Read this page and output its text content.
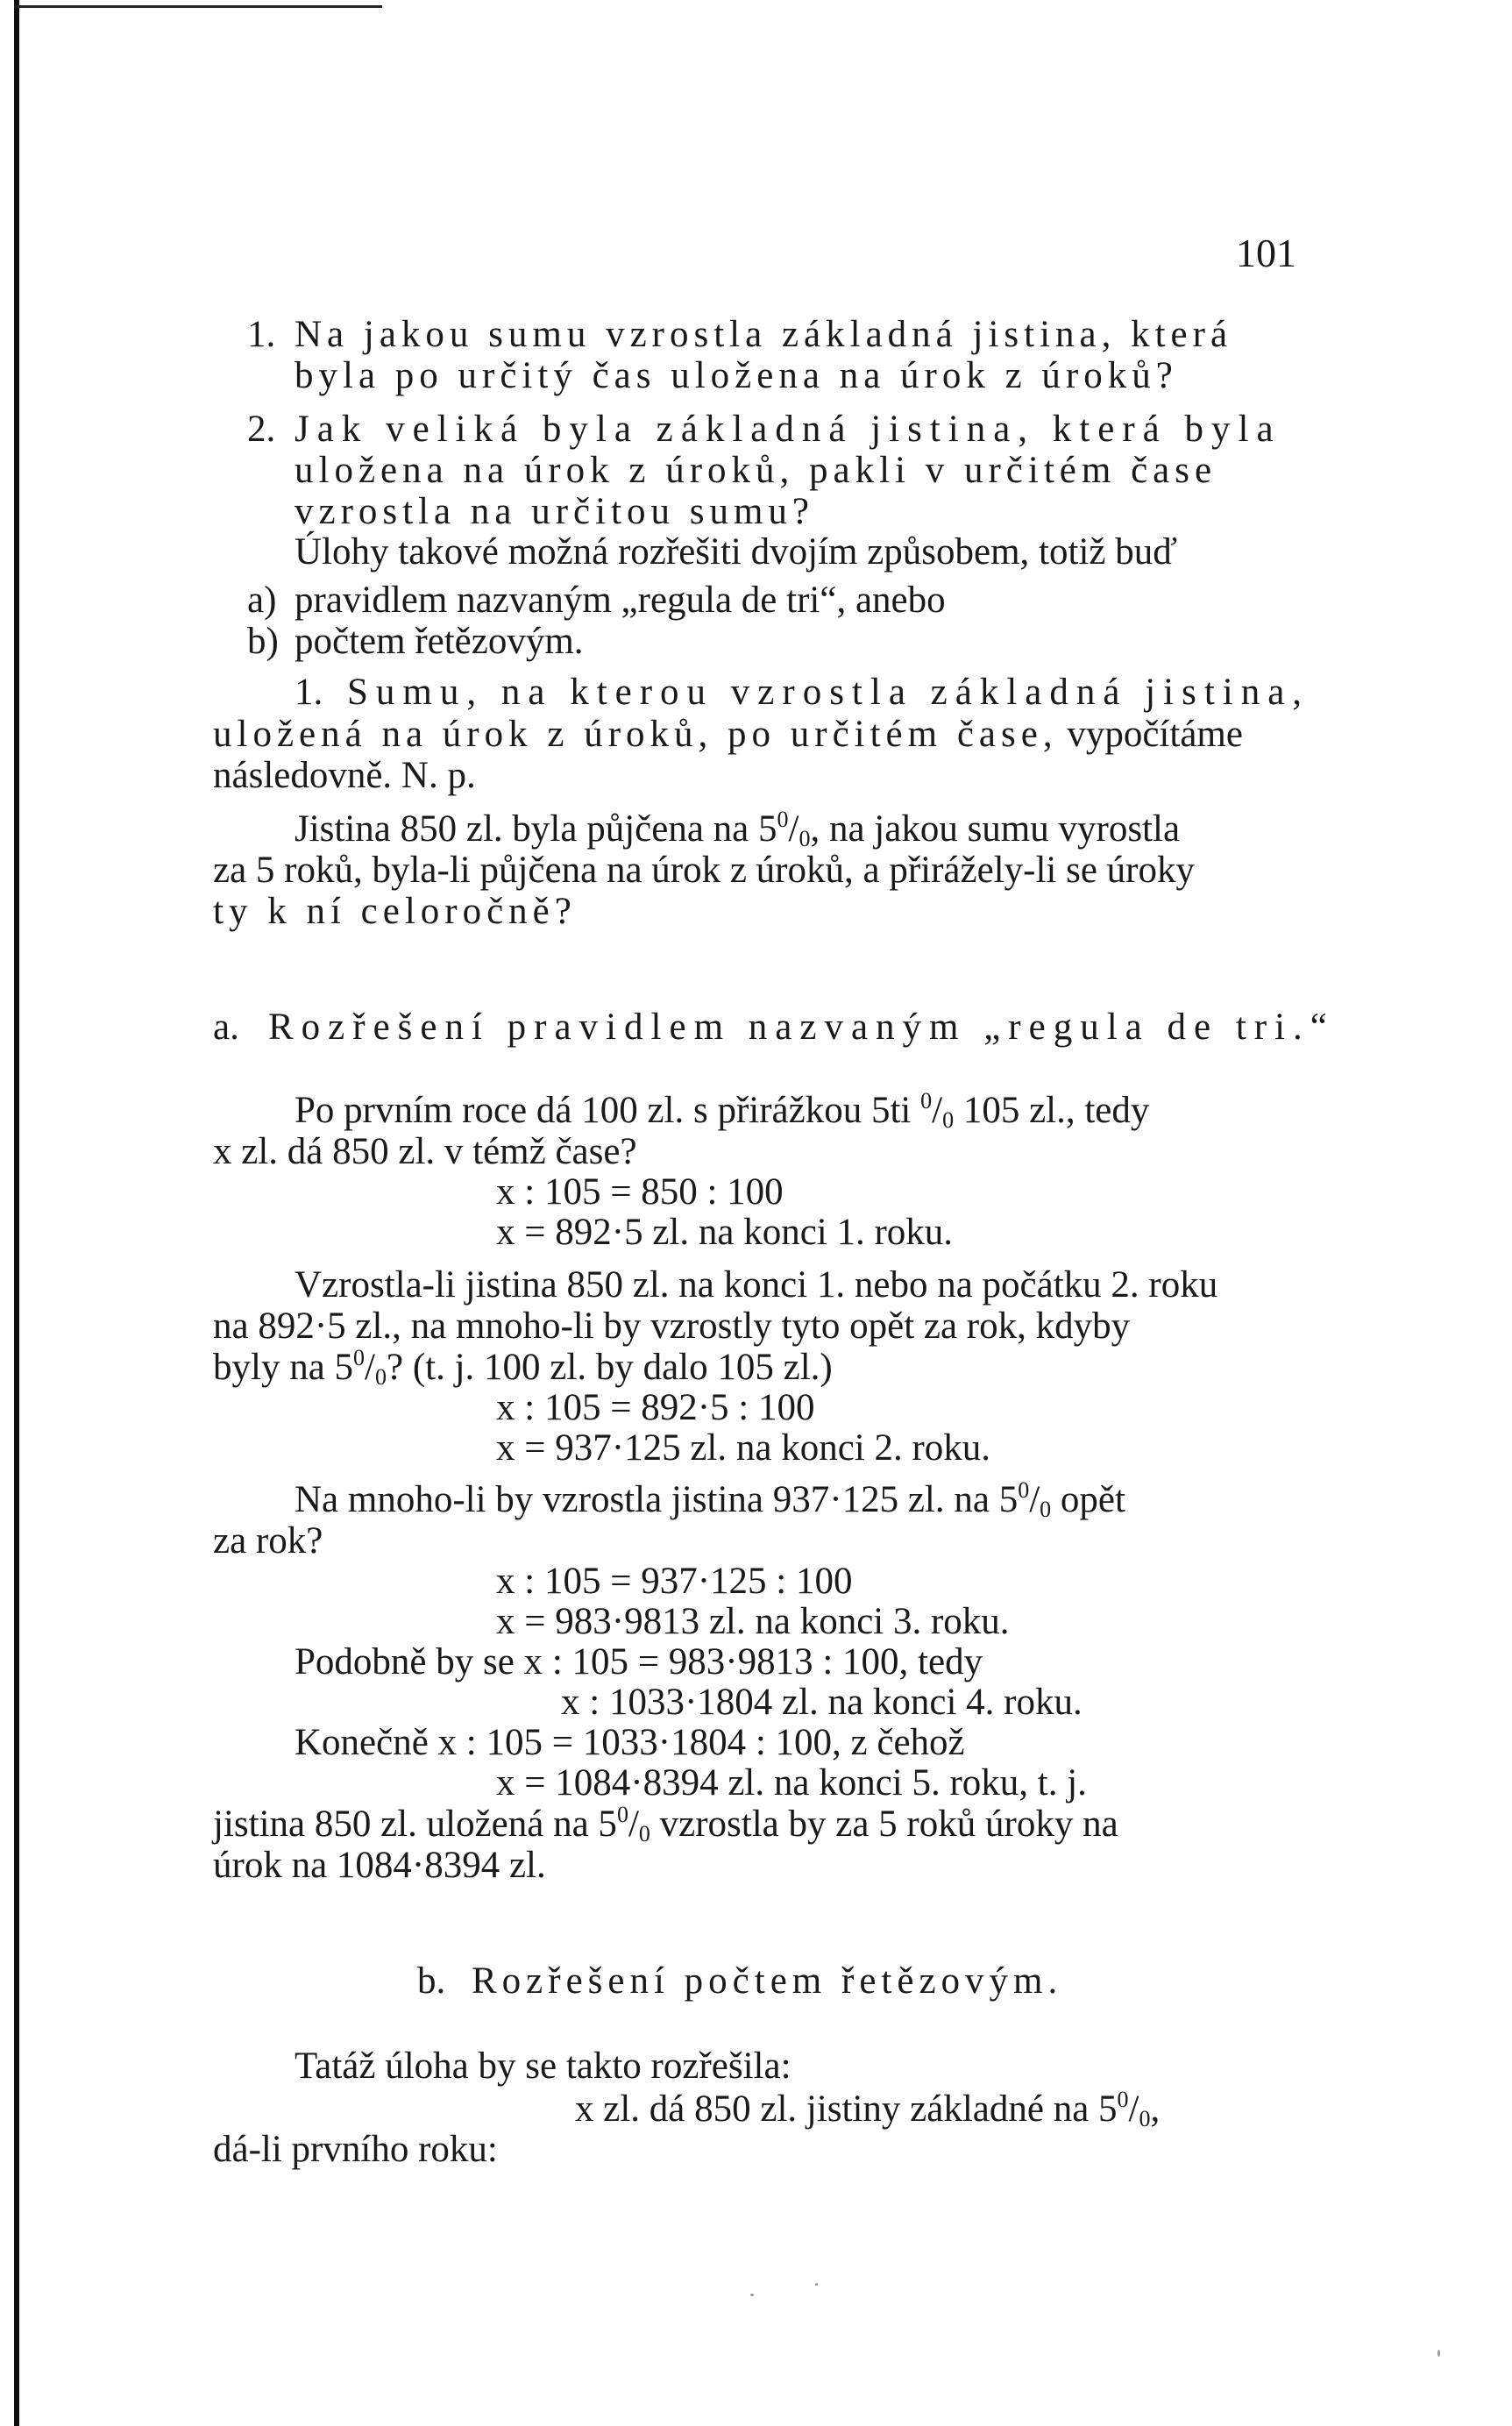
101
1. Na jakou sumu vzrostla základná jistina, která
byla po určitý čas uložena na úrok z úroků?
2. Jak veliká byla základná jistina, která byla
uložena na úrok z úroků, pakli v určitém čase
vzrostla na určitou sumu?
Úlohy takové možná rozřešiti dvojím způsobem, totiž buď
a) pravidlem nazvaným „regula de tri“, anebo
b) počtem řetězovým.
1. Sumu, na kterou vzrostla základná jistina,
uložená na úrok z úroků, po určitém čase, vypočítáme
následovně. N. p.
Jistina 850 zl. byla půjčena na $5^0/_0$, na jakou sumu vyrostla
za 5 roků, byla-li půjčena na úrok z úroků, a přirážely-li se úroky
ty k ní celoročně?
a. Rozřešení pravidlem nazvaným „regula de tri.“
Po prvním roce dá 100 zl. s přirážkou 5ti $^0/_0$ 105 zl., tedy
x zl. dá 850 zl. v témž čase?
x : 105 = 850 : 100
x = 892·5 zl. na konci 1. roku.
Vzrostla-li jistina 850 zl. na konci 1. nebo na počátku 2. roku
na 892·5 zl., na mnoho-li by vzrostly tyto opět za rok, kdyby
byly na $5^0/_0$? (t. j. 100 zl. by dalo 105 zl.)
x : 105 = 892·5 : 100
x = 937·125 zl. na konci 2. roku.
Na mnoho-li by vzrostla jistina 937·125 zl. na $5^0/_0$ opět
za rok?
x : 105 = 937·125 : 100
x = 983·9813 zl. na konci 3. roku.
Podobně by se x : 105 = 983·9813 : 100, tedy
x : 1033·1804 zl. na konci 4. roku.
Konečně x : 105 = 1033·1804 : 100, z čehož
x = 1084·8394 zl. na konci 5. roku, t. j.
jistina 850 zl. uložená na $5^0/_0$ vzrostla by za 5 roků úroky na
úrok na 1084·8394 zl.
b. Rozřešení počtem řetězovým.
Tatáž úloha by se takto rozřešila:
x zl. dá 850 zl. jistiny základné na $5^0/_0$,
dá-li prvního roku:
